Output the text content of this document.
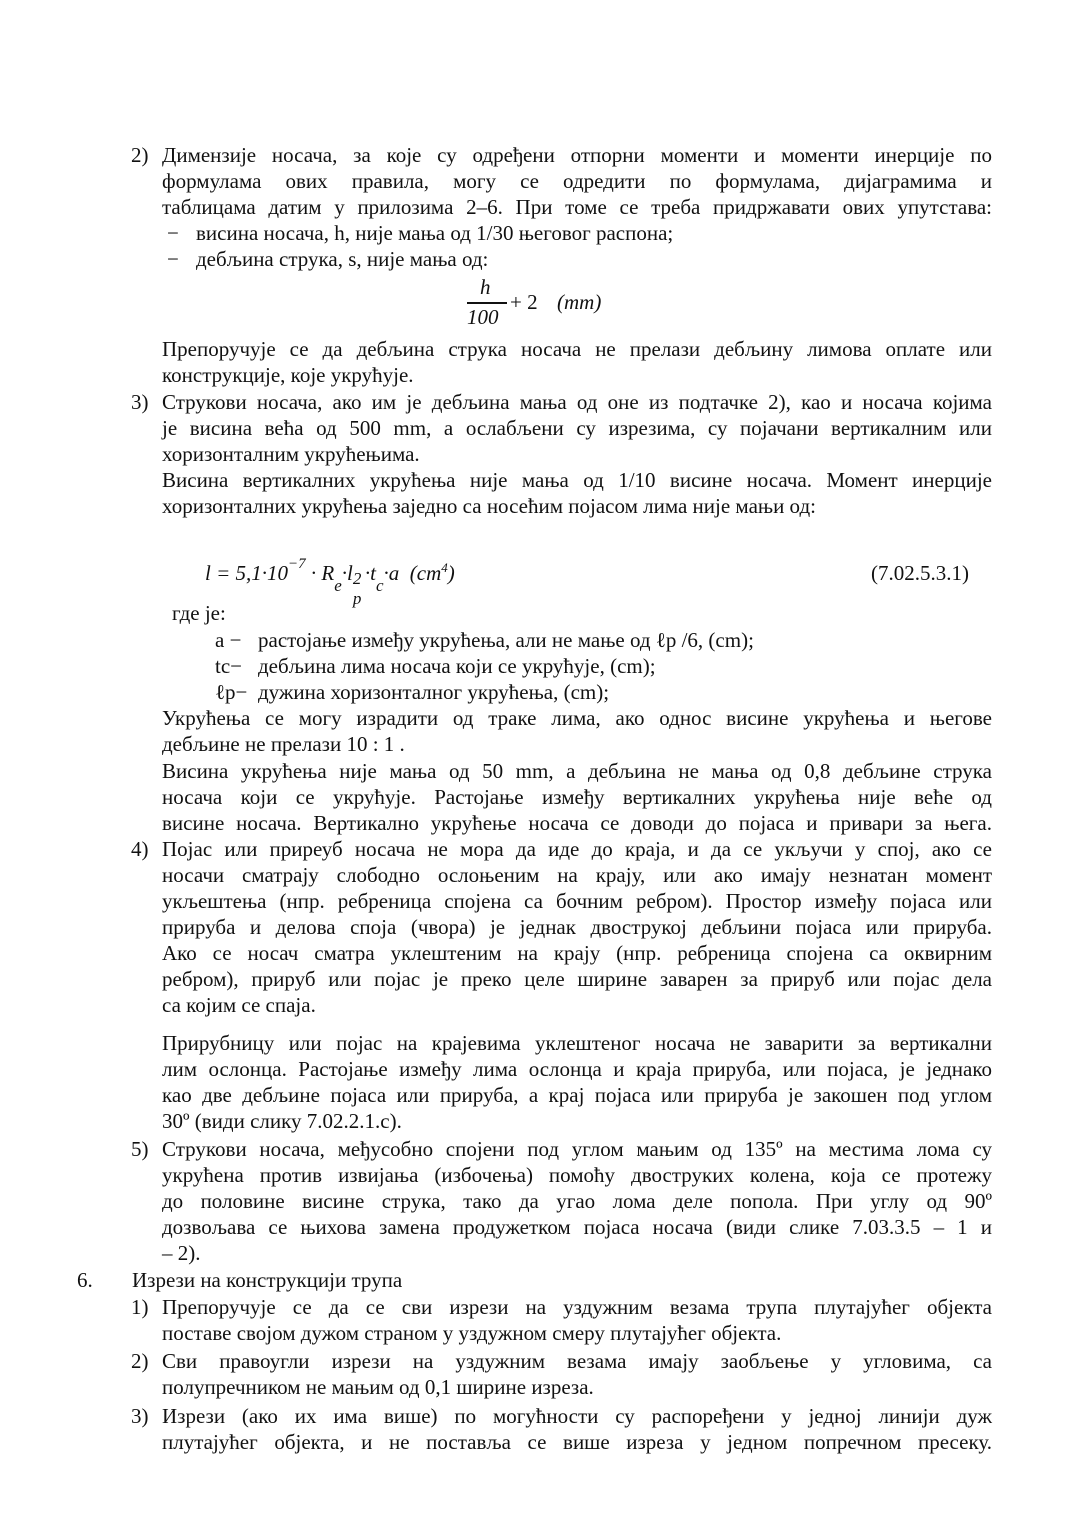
2) Димензије носача, за које су одређени отпорни моменти и моменти инерције по
формулама ових правила, могу се одредити по формулама, дијаграмима и
таблицама датим у прилозима 2–6. При томе се треба придржавати ових упутстава:
− висина носача, h, није мања од 1/30 његовог распона;
− дебљина струка, s, није мања од:
h
100
+ 2 (mm)
Препоручује се да дебљина струка носача не прелази дебљину лимова оплате или
конструкције, које укрућује.
3) Струкови носача, ако им је дебљина мања од оне из подтачке 2), као и носача којима
је висина већа од 500 mm, а ослабљени су изрезима, су појачани вертикалним или
хоризонталним укрућењима.
Висина вертикалних укрућења није мања од 1/10 висине носача. Момент инерције
хоризонталних укрућења заједно са носећим појасом лима није мањи од:
$l = 5,1\cdot 10^{-7} \cdot R_e\cdot l$ 2
p
$\cdot t_c\cdot a$ $(cm^4)$	(7.02.5.3.1)
где је:
a − растојање између укрућења, али не мање од ℓp /6, (cm);
tc− дебљина лима носача који се укрућује, (cm);
ℓp− дужина хоризонталног укрућења, (cm);
Укрућења се могу израдити од траке лима, ако однос висине укрућења и његове
дебљине не прелази 10 : 1 .
Висина укрућења није мања од 50 mm, а дебљина не мања од 0,8 дебљине струка
носача који се укрућује. Растојање између вертикалних укрућења није веће од
висине носача. Вертикално укрућење носача се доводи до појаса и привари за њега.
4) Појас или приреуб носача не мора да иде до краја, и да се укључи у спој, ако се
носачи сматрају слободно ослоњеним на крају, или ако имају незнатан момент
укљештења (нпр. ребреница спојена са бочним ребром). Простор између појаса или
прируба и делова споја (чвора) је једнак двострукој дебљини појаса или прируба.
Ако се носач сматра уклештеним на крају (нпр. ребреница спојена са оквирним
ребром), прируб или појас је преко целе ширине заварен за прируб или појас дела
са којим се спаја.
Прирубницу или појас на крајевима уклештеног носача не заварити за вертикални
лим ослонца. Растојање између лима ослонца и краја прируба, или појаса, је једнако
као две дебљине појаса или прируба, а крај појаса или прируба је закошен под углом
30º (види слику 7.02.2.1.c).
5) Струкови носача, међусобно спојени под углом мањим од 135º на местима лома су
укрућена против извијања (избочења) помоћу двоструких колена, која се протежу
до половине висине струка, тако да угао лома деле попола. При углу од 90º
дозвољава се њихова замена продужетком појаса носача (види слике 7.03.3.5 – 1 и
– 2).
6. Изрези на конструкцији трупа
1) Препоручује се да се сви изрези на уздужним везама трупа плутајућег објекта
поставе својом дужом страном у уздужном смеру плутајућег објекта.
2) Сви правоугли изрези на уздужним везама имају заобљење у угловима, са
полупречником не мањим од 0,1 ширине изреза.
3) Изрези (ако их има више) по могућности су распоређени у једној линији дуж
плутајућег објекта, и не поставља се више изреза у једном попречном пресеку.
